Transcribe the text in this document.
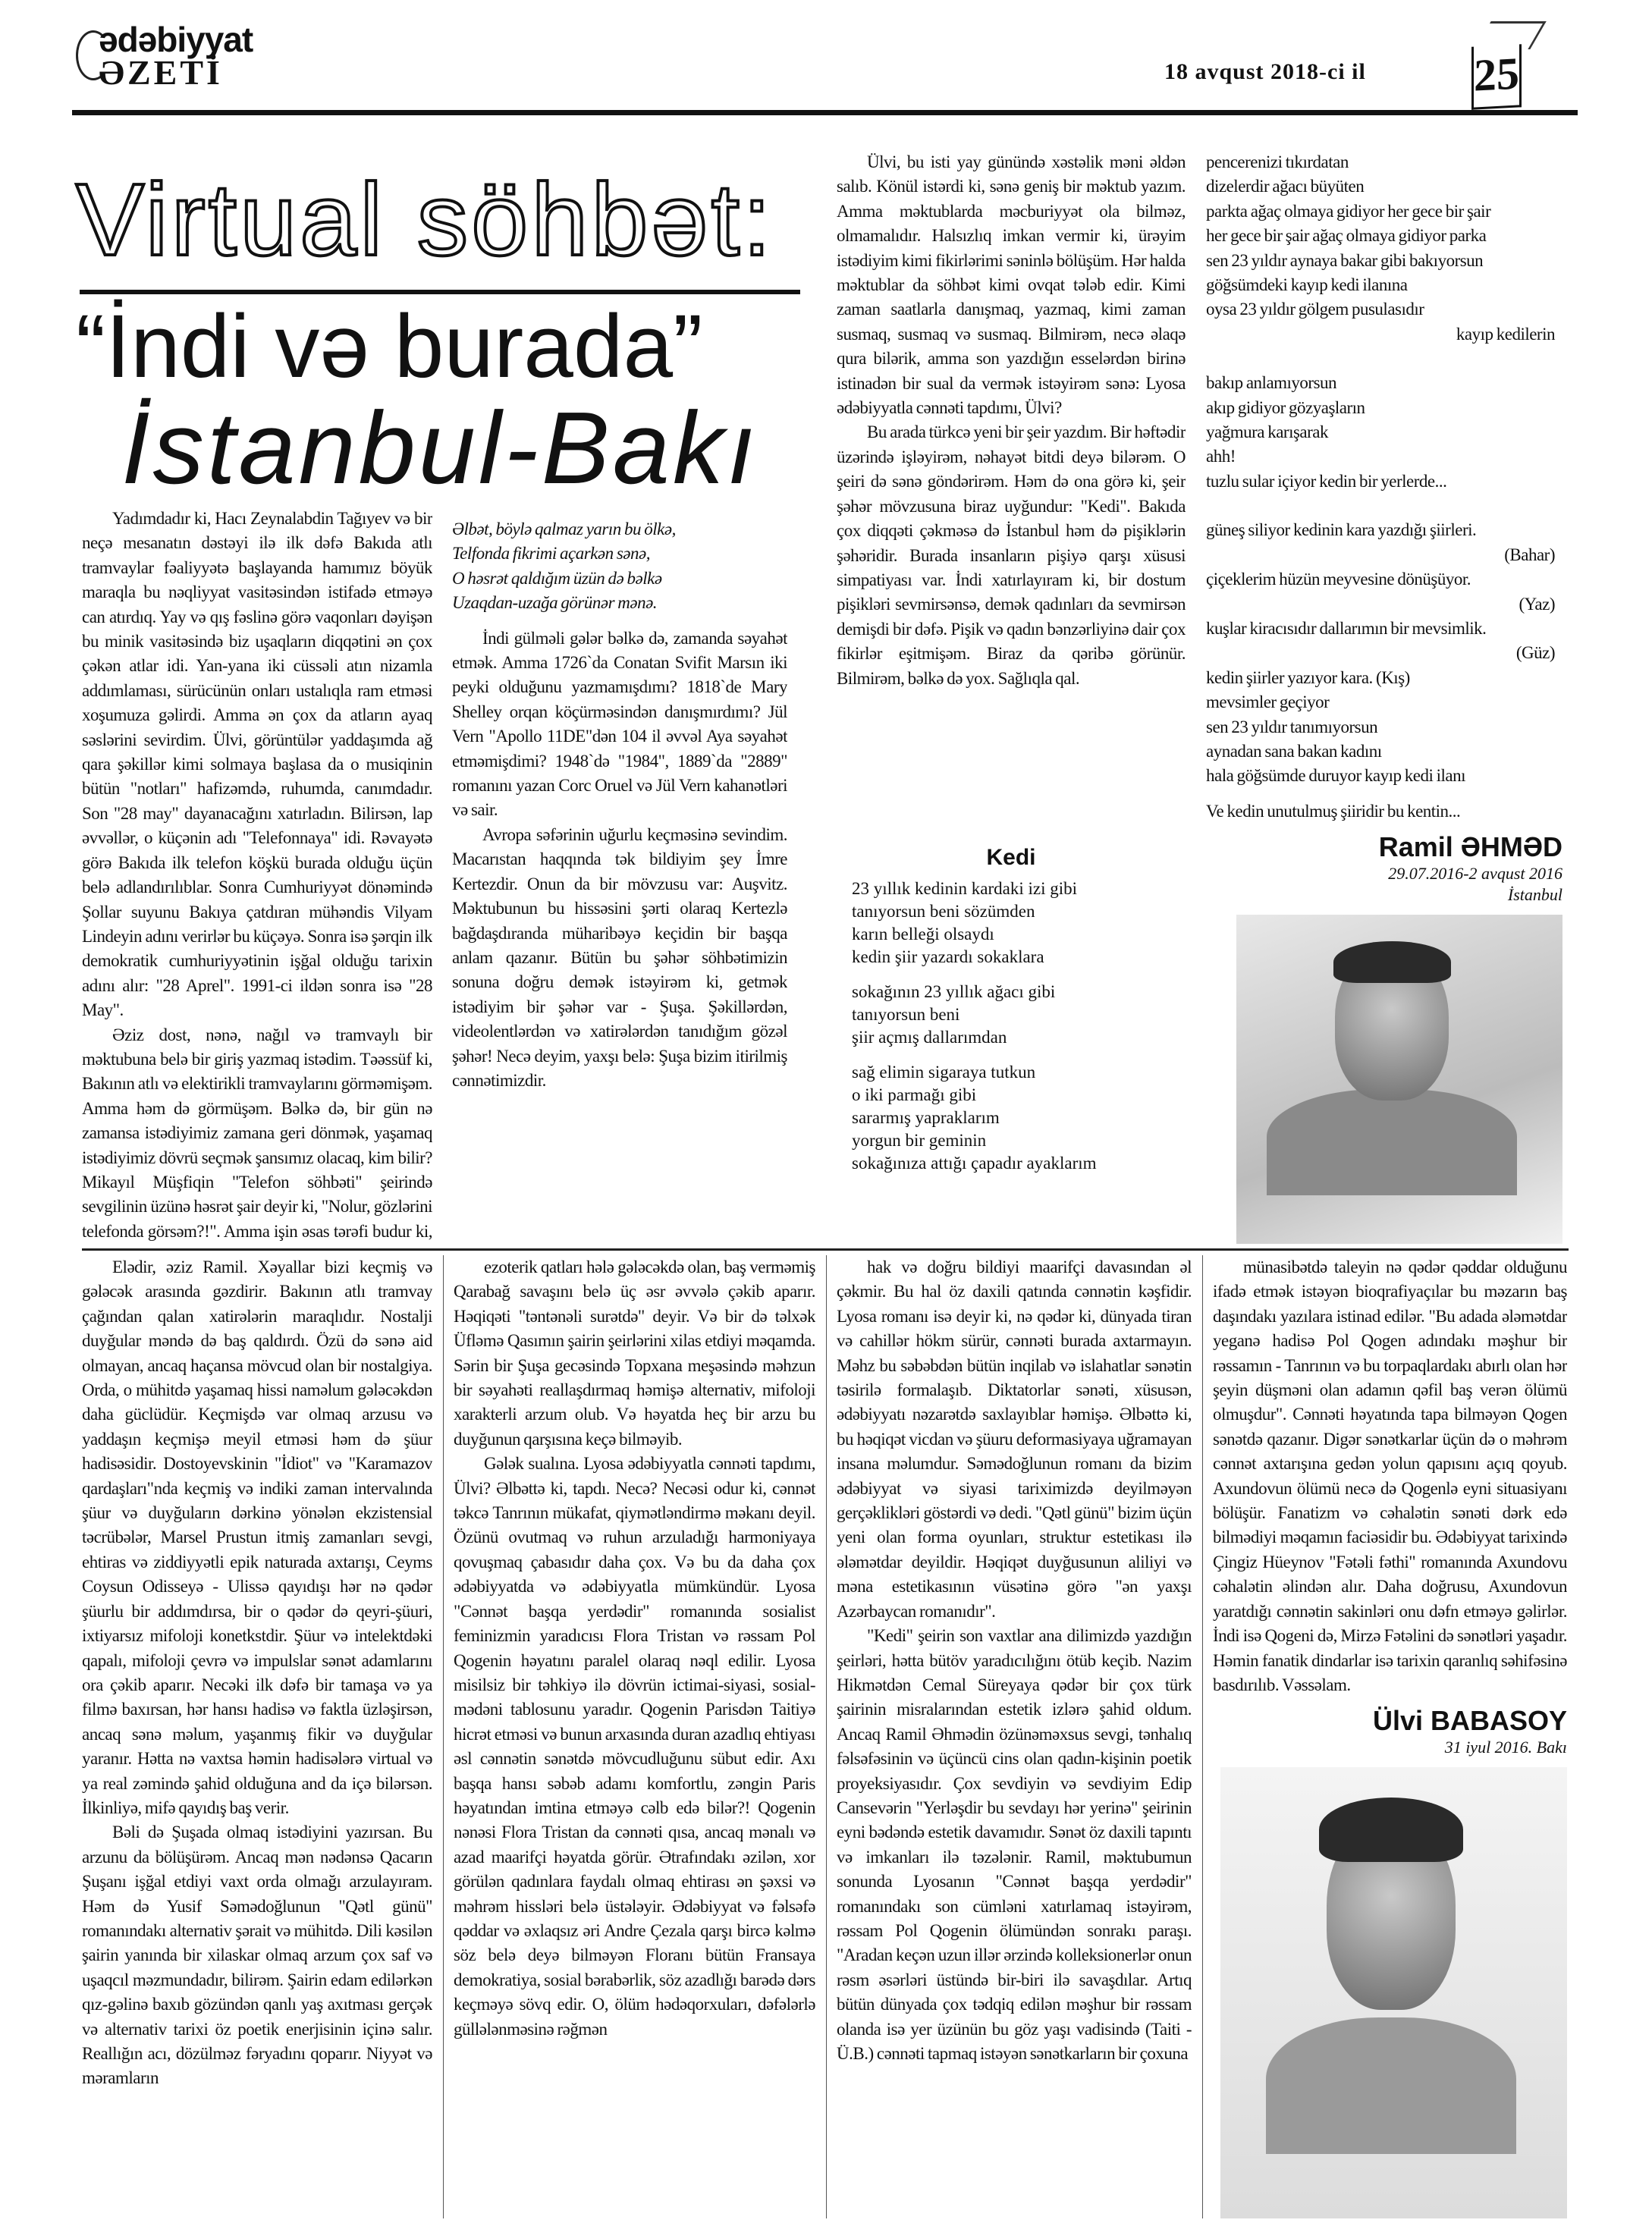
ədəbiyyat
ƏZETİ	18 avqust 2018-ci il 25
Virtual söhbət:
“İndi və burada”
İstanbul-Bakı

Yadımdadır ki, Hacı Zeynalabdin Tağıyev və bir neçə mesanatın dəstəyi ilə ilk dəfə Bakıda atlı tramvaylar fəaliyyətə başlayanda hamımız böyük maraqla bu nəqliyyat vasitəsindən istifadə etməyə can atırdıq. Yay və qış fəslinə görə vaqonları dəyişən bu minik vasitəsində biz uşaqların diqqətini ən çox çəkən atlar idi. Yan-yana iki cüssəli atın nizamla addımlaması, sürücünün onları ustalıqla ram etməsi xoşumuza gəlirdi. Amma ən çox da atların ayaq səslərini sevirdim. Ülvi, görüntülər yaddaşımda ağ qara şəkillər kimi solmaya başlasa da o musiqinin bütün "notları" hafizəmdə, ruhumda, canımdadır. Son "28 may" dayanacağını xatırladın. Bilirsən, lap əvvəllər, o küçənin adı "Telefonnaya" idi. Rəvayətə görə Bakıda ilk telefon köşkü burada olduğu üçün belə adlandırılıblar. Sonra Cumhuriyyət dönəmində Şollar suyunu Bakıya çatdıran mühəndis Vilyam Lindeyin adını verirlər bu küçəyə. Sonra isə şərqin ilk demokratik cumhuriyyətinin işğal olduğu tarixin adını alır: "28 Aprel". 1991-ci ildən sonra isə "28 May".

Əziz dost, nənə, nağıl və tramvaylı bir məktubuna belə bir giriş yazmaq istədim. Təəssüf ki, Bakının atlı və elektirikli tramvaylarını görməmişəm. Amma həm də görmüşəm. Bəlkə də, bir gün nə zamansa istədiyimiz zamana geri dönmək, yaşamaq istədiyimiz dövrü seçmək şansımız olacaq, kim bilir? Mikayıl Müşfiqin "Telefon söhbəti" şeirində sevgilinin üzünə həsrət şair deyir ki, "Nolur, gözlərini telefonda görsəm?!". Amma işin əsas tərəfi budur ki,

Əlbət, böylə qalmaz yarın bu ölkə,
Telfonda fikrimi açarkən sənə,
O həsrət qaldığım üzün də bəlkə
Uzaqdan-uzağa görünər mənə.

İndi gülməli gələr bəlkə də, zamanda səyahət etmək. Amma 1726`da Conatan Svifit Marsın iki peyki olduğunu yazmamışdımı? 1818`de Mary Shelley orqan köçürməsindən danışmırdımı? Jül Vern "Apollo 11DE"dən 104 il əvvəl Aya səyahət etməmişdimi? 1948`də "1984", 1889`da "2889" romanını yazan Corc Oruel və Jül Vern kahanətləri və sair.

Avropa səfərinin uğurlu keçməsinə sevindim. Macarıstan haqqında tək bildiyim şey İmre Kertezdir. Onun da bir mövzusu var: Auşvitz. Məktubunun bu hissəsini şərti olaraq Kertezlə bağdaşdıranda müharibəyə keçidin bir başqa anlam qazanır. Bütün bu şəhər söhbətimizin sonuna doğru demək istəyirəm ki, getmək istədiyim bir şəhər var - Şuşa. Şəkillərdən, videolentlərdən və xatirələrdən tanıdığım gözəl şəhər! Necə deyim, yaxşı belə: Şuşa bizim itirilmiş cənnətimizdir.

Ülvi, bu isti yay günündə xəstəlik məni əldən salıb. Könül istərdi ki, sənə geniş bir məktub yazım. Amma məktublarda məcburiyyət ola bilməz, olmamalıdır. Halsızlıq imkan vermir ki, ürəyim istədiyim kimi fikirlərimi səninlə bölüşüm. Hər halda məktublar da söhbət kimi ovqat tələb edir. Kimi zaman saatlarla danışmaq, yazmaq, kimi zaman susmaq, susmaq və susmaq. Bilmirəm, necə əlaqə qura bilərik, amma son yazdığın esselərdən birinə istinadən bir sual da vermək istəyirəm sənə: Lyosa ədəbiyyatla cənnəti tapdımı, Ülvi?

Bu arada türkcə yeni bir şeir yazdım. Bir həftədir üzərində işləyirəm, nəhayət bitdi deyə bilərəm. O şeiri də sənə göndərirəm. Həm də ona görə ki, şeir şəhər mövzusuna biraz uyğundur: "Kedi". Bakıda çox diqqəti çəkməsə də İstanbul həm də pişiklərin şəhəridir. Burada insanların pişiyə qarşı xüsusi simpatiyası var. İndi xatırlayıram ki, bir dostum pişikləri sevmirsənsə, demək qadınları da sevmirsən demişdi bir dəfə. Pişik və qadın bənzərliyinə dair çox fikirlər eşitmişəm. Biraz da qəribə görünür. Bilmirəm, bəlkə də yox. Sağlıqla qal.

Kedi
23 yıllık kedinin kardaki izi gibi
tanıyorsun beni sözümden
karın belleği olsaydı
kedin şiir yazardı sokaklara
sokağının 23 yıllık ağacı gibi
tanıyorsun beni
şiir açmış dallarımdan
sağ elimin sigaraya tutkun
o iki parmağı gibi
sararmış yapraklarım
yorgun bir geminin
sokağınıza attığı çapadır ayaklarım
pencerenizi tıkırdatan
dizelerdir ağacı büyüten
parkta ağaç olmaya gidiyor her gece bir şair
her gece bir şair ağaç olmaya gidiyor parka
sen 23 yıldır aynaya bakar gibi bakıyorsun
göğsümdeki kayıp kedi ilanına
oysa 23 yıldır gölgem pusulasıdır
kayıp kedilerin
bakıp anlamıyorsun
akıp gidiyor gözyaşların
yağmura karışarak
ahh!
tuzlu sular içiyor kedin bir yerlerde...
güneş siliyor kedinin kara yazdığı şiirleri.
(Bahar)
çiçeklerim hüzün meyvesine dönüşüyor.
(Yaz)
kuşlar kiracısıdır dallarımın bir mevsimlik.
(Güz)
kedin şiirler yazıyor kara. (Kış)
mevsimler geçiyor
sen 23 yıldır tanımıyorsun
aynadan sana bakan kadını
hala göğsümde duruyor kayıp kedi ilanı
Ve kedin unutulmuş şiiridir bu kentin...
Ramil ƏHMƏD
29.07.2016-2 avqust 2016
İstanbul

Elədir, əziz Ramil. Xəyallar bizi keçmiş və gələcək arasında gəzdirir. Bakının atlı tramvay çağından qalan xatirələrin maraqlıdır. Nostalji duyğular məndə də baş qaldırdı. Özü də sənə aid olmayan, ancaq haçansa mövcud olan bir nostalgiya. Orda, o mühitdə yaşamaq hissi naməlum gələcəkdən daha güclüdür. Keçmişdə var olmaq arzusu və yaddaşın keçmişə meyil etməsi həm də şüur hadisəsidir. Dostoyevskinin "İdiot" və "Karamazov qardaşları"nda keçmiş və indiki zaman intervalında şüur və duyğuların dərkinə yönələn ekzistensial təcrübələr, Marsel Prustun itmiş zamanları sevgi, ehtiras və ziddiyyətli epik naturada axtarışı, Ceyms Coysun Odisseyə - Ulissə qayıdışı hər nə qədər şüurlu bir addımdırsa, bir o qədər də qeyri-şüuri, ixtiyarsız mifoloji konetkstdir. Şüur və intelektdəki qapalı, mifoloji çevrə və impulslar sənət adamlarını ora çəkib aparır. Necəki ilk dəfə bir tamaşa və ya filmə baxırsan, hər hansı hadisə və faktla üzləşirsən, ancaq sənə məlum, yaşanmış fikir və duyğular yaranır. Hətta nə vaxtsa həmin hadisələrə virtual və ya real zəmində şahid olduğuna and da içə bilərsən. İlkinliyə, mifə qayıdış baş verir.

Bəli də Şuşada olmaq istədiyini yazırsan. Bu arzunu da bölüşürəm. Ancaq mən nədənsə Qacarın Şuşanı işğal etdiyi vaxt orda olmağı arzulayıram. Həm də Yusif Səmədoğlunun "Qətl günü" romanındakı alternativ şərait və mühitdə. Dili kəsilən şairin yanında bir xilaskar olmaq arzum çox saf və uşaqcıl məzmundadır, bilirəm. Şairin edam edilərkən qız-gəlinə baxıb gözündən qanlı yaş axıtması gerçək və alternativ tarixi öz poetik enerjisinin içinə salır. Reallığın acı, dözülməz fəryadını qoparır. Niyyət və məramların

ezoterik qatları hələ gələcəkdə olan, baş verməmiş Qarabağ savaşını belə üç əsr əvvələ çəkib aparır. Həqiqəti "təntənəli surətdə" deyir. Və bir də təlxək Üfləmə Qasımın şairin şeirlərini xilas etdiyi məqamda. Sərin bir Şuşa gecəsində Topxana meşəsində məhzun bir səyahəti reallaşdırmaq həmişə alternativ, mifoloji xarakterli arzum olub. Və həyatda heç bir arzu bu duyğunun qarşısına keçə bilməyib.

Gələk sualına. Lyosa ədəbiyyatla cənnəti tapdımı, Ülvi? Əlbəttə ki, tapdı. Necə? Necəsi odur ki, cənnət təkcə Tanrının mükafat, qiymətləndirmə məkanı deyil. Özünü ovutmaq və ruhun arzuladığı harmoniyaya qovuşmaq çabasıdır daha çox. Və bu da daha çox ədəbiyyatda və ədəbiyyatla mümkündür. Lyosa "Cənnət başqa yerdədir" romanında sosialist feminizmin yaradıcısı Flora Tristan və rəssam Pol Qogenin həyatını paralel olaraq nəql edilir. Lyosa misilsiz bir təhkiyə ilə dövrün ictimai-siyasi, sosial-mədəni tablosunu yaradır. Qogenin Parisdən Taitiyə hicrət etməsi və bunun arxasında duran azadlıq ehtiyası əsl cənnətin sənətdə mövcudluğunu sübut edir. Axı başqa hansı səbəb adamı komfortlu, zəngin Paris həyatından imtina etməyə cəlb edə bilər?! Qogenin nənəsi Flora Tristan da cənnəti qısa, ancaq mənalı və azad maarifçi həyatda görür. Ətrafındakı əzilən, xor görülən qadınlara faydalı olmaq ehtirası ən şəxsi və məhrəm hissləri belə üstələyir. Ədəbiyyat və fəlsəfə qəddar və əxlaqsız əri Andre Çezala qarşı bircə kəlmə söz belə deyə bilməyən Floranı bütün Fransaya demokratiya, sosial bərabərlik, söz azadlığı barədə dərs keçməyə sövq edir. O, ölüm hədəqorxuları, dəfələrlə güllələnməsinə rəğmən

hak və doğru bildiyi maarifçi davasından əl çəkmir. Bu hal öz daxili qatında cənnətin kəşfidir. Lyosa romanı isə deyir ki, nə qədər ki, dünyada tiran və cahillər hökm sürür, cənnəti burada axtarmayın. Məhz bu səbəbdən bütün inqilab və islahatlar sənətin təsirilə formalaşıb. Diktatorlar sənəti, xüsusən, ədəbiyyatı nəzarətdə saxlayıblar həmişə. Əlbəttə ki, bu həqiqət vicdan və şüuru deformasiyaya uğramayan insana məlumdur. Səmədoğlunun romanı da bizim ədəbiyyat və siyasi tariximizdə deyilməyən gerçəklikləri göstərdi və dedi. "Qətl günü" bizim üçün yeni olan forma oyunları, struktur estetikası ilə ələmətdar deyildir. Həqiqət duyğusunun aliliyi və məna estetikasının vüsətinə görə "ən yaxşı Azərbaycan romanıdır".

"Kedi" şeirin son vaxtlar ana dilimizdə yazdığın şeirləri, hətta bütöv yaradıcılığını ötüb keçib. Nazim Hikmətdən Cemal Süreyaya qədər bir çox türk şairinin misralarından estetik izlərə şahid oldum. Ancaq Ramil Əhmədin özünəməxsus sevgi, tənhalıq fəlsəfəsinin və üçüncü cins olan qadın-kişinin poetik proyeksiyasıdır. Çox sevdiyin və sevdiyim Edip Cansevərin "Yerləşdir bu sevdayı hər yerinə" şeirinin eyni bədəndə estetik davamıdır. Sənət öz daxili tapıntı və imkanları ilə təzələnir. Ramil, məktubumun sonunda Lyosanın "Cənnət başqa yerdədir" romanındakı son cümləni xatırlamaq istəyirəm, rəssam Pol Qogenin ölümündən sonrakı paraşı. "Aradan keçən uzun illər ərzində kolleksionerlər onun rəsm əsərləri üstündə bir-biri ilə savaşdılar. Artıq bütün dünyada çox tədqiq edilən məşhur bir rəssam olanda isə yer üzünün bu göz yaşı vadisində (Taiti - Ü.B.) cənnəti tapmaq istəyən sənətkarların bir çoxuna

münasibətdə taleyin nə qədər qəddar olduğunu ifadə etmək istəyən bioqrafiyaçılar bu məzarın baş daşındakı yazılara istinad edilər. "Bu adada ələmətdar yeganə hadisə Pol Qogen adındakı məşhur bir rəssamın - Tanrının və bu torpaqlardakı abırlı olan hər şeyin düşməni olan adamın qəfil baş verən ölümü olmuşdur". Cənnəti həyatında tapa bilməyən Qogen sənətdə qazanır. Digər sənətkarlar üçün də o məhrəm cənnət axtarışına gedən yolun qapısını açıq qoyub. Axundovun ölümü necə də Qogenlə eyni situasiyanı bölüşür. Fanatizm və cəhalətin sənəti dərk edə bilmədiyi məqamın faciəsidir bu. Ədəbiyyat tarixində Çingiz Hüeynov "Fətəli fəthi" romanında Axundovu cəhalətin əlindən alır. Daha doğrusu, Axundovun yaratdığı cənnətin sakinləri onu dəfn etməyə gəlirlər. İndi isə Qogeni də, Mirzə Fətəlini də sənətləri yaşadır. Həmin fanatik dindarlar isə tarixin qaranlıq səhifəsinə basdırılıb. Vəssəlam.

Ülvi BABASOY
31 iyul 2016. Bakı
